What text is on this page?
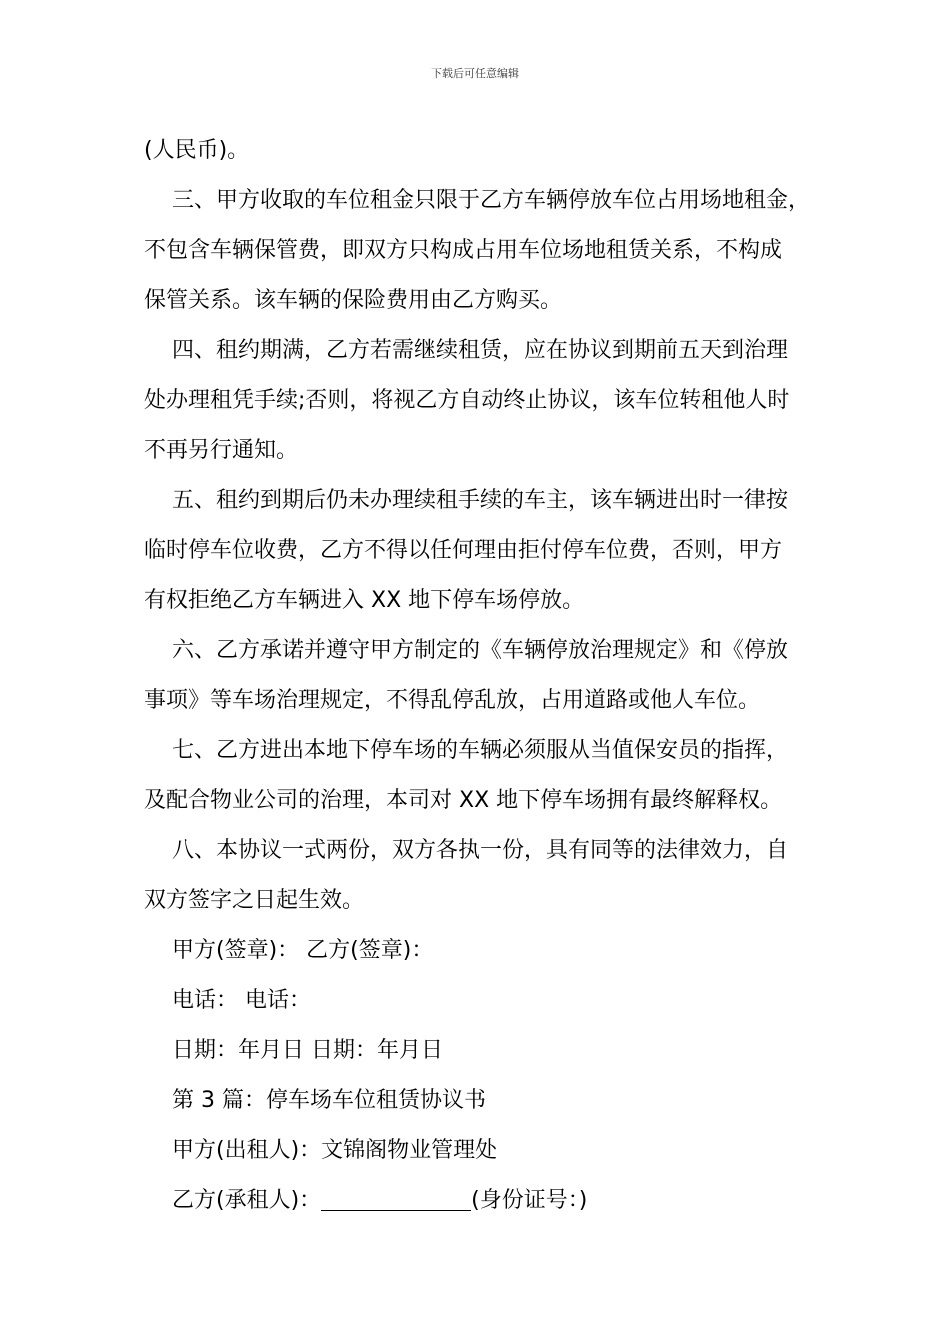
下载后可任意编辑
(人民币)。
三、甲方收取的车位租金只限于乙方车辆停放车位占用场地租金，
不包含车辆保管费，即双方只构成占用车位场地租赁关系，不构成
保管关系。该车辆的保险费用由乙方购买。
四、租约期满，乙方若需继续租赁，应在协议到期前五天到治理
处办理租凭手续;否则，将视乙方自动终止协议，该车位转租他人时
不再另行通知。
五、租约到期后仍未办理续租手续的车主，该车辆进出时一律按
临时停车位收费，乙方不得以任何理由拒付停车位费，否则，甲方
有权拒绝乙方车辆进入 XX 地下停车场停放。
六、乙方承诺并遵守甲方制定的《车辆停放治理规定》和《停放
事项》等车场治理规定，不得乱停乱放，占用道路或他人车位。
七、乙方进出本地下停车场的车辆必须服从当值保安员的指挥，
及配合物业公司的治理，本司对 XX 地下停车场拥有最终解释权。
八、本协议一式两份，双方各执一份，具有同等的法律效力，自
双方签字之日起生效。
甲方(签章)： 乙方(签章)：
电话： 电话：
日期：年月日 日期：年月日
第 3 篇：停车场车位租赁协议书
甲方(出租人)：文锦阁物业管理处
乙方(承租人)：	(身份证号：)
